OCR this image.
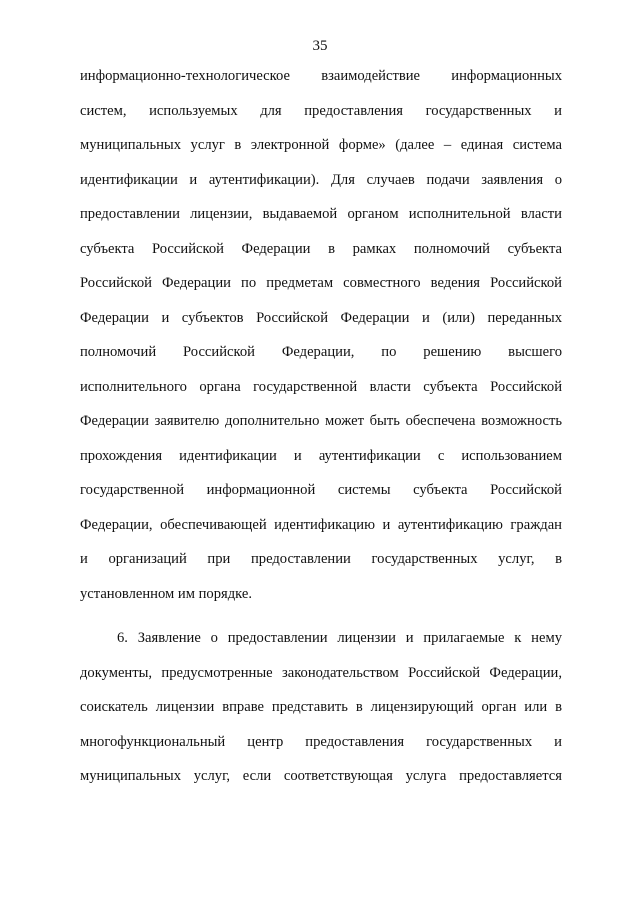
35
информационно-технологическое взаимодействие информационных
систем, используемых для предоставления государственных и
муниципальных услуг в электронной форме» (далее – единая система
идентификации и аутентификации). Для случаев подачи заявления о
предоставлении лицензии, выдаваемой органом исполнительной власти
субъекта Российской Федерации в рамках полномочий субъекта
Российской Федерации по предметам совместного ведения Российской
Федерации и субъектов Российской Федерации и (или) переданных
полномочий Российской Федерации, по решению высшего
исполнительного органа государственной власти субъекта Российской
Федерации заявителю дополнительно может быть обеспечена возможность
прохождения идентификации и аутентификации с использованием
государственной информационной системы субъекта Российской
Федерации, обеспечивающей идентификацию и аутентификацию граждан
и организаций при предоставлении государственных услуг, в
установленном им порядке.
6. Заявление о предоставлении лицензии и прилагаемые к нему
документы, предусмотренные законодательством Российской Федерации,
соискатель лицензии вправе представить в лицензирующий орган или в
многофункциональный центр предоставления государственных и
муниципальных услуг, если соответствующая услуга предоставляется
